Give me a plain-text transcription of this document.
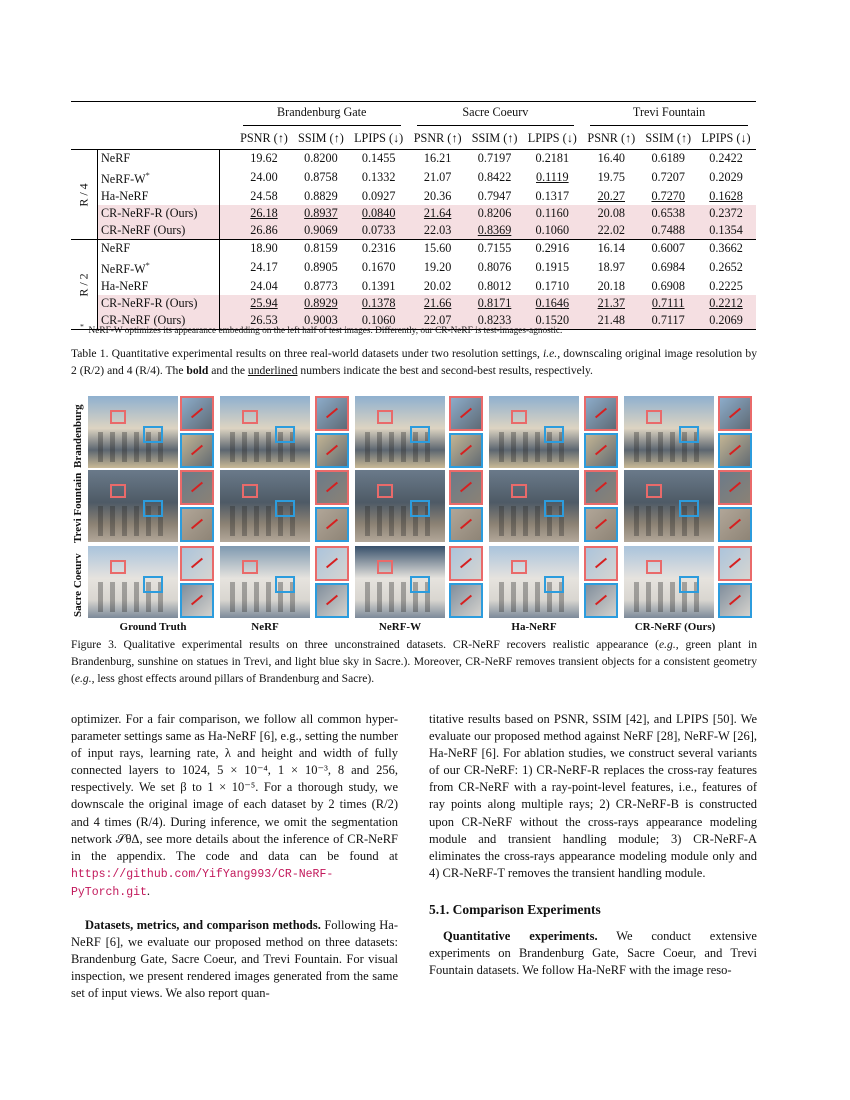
			Brandenburg Gate			Sacre Coeurv			Trevi Fountain		

			PSNR (↑)	SSIM (↑)	LPIPS (↓)	PSNR (↑)	SSIM (↑)	LPIPS (↓)	PSNR (↑)	SSIM (↑)	LPIPS (↓)

R / 4	NeRF		19.62	0.8200	0.1455	16.21	0.7197	0.2181	16.40	0.6189	0.2422
	NeRF-W*		24.00	0.8758	0.1332	21.07	0.8422	0.1119	19.75	0.7207	0.2029
	Ha-NeRF		24.58	0.8829	0.0927	20.36	0.7947	0.1317	20.27	0.7270	0.1628
	CR-NeRF-R (Ours)		26.18	0.8937	0.0840	21.64	0.8206	0.1160	20.08	0.6538	0.2372
	CR-NeRF (Ours)		26.86	0.9069	0.0733	22.03	0.8369	0.1060	22.02	0.7488	0.1354

R / 2	NeRF		18.90	0.8159	0.2316	15.60	0.7155	0.2916	16.14	0.6007	0.3662
	NeRF-W*		24.17	0.8905	0.1670	19.20	0.8076	0.1915	18.97	0.6984	0.2652
	Ha-NeRF		24.04	0.8773	0.1391	20.02	0.8012	0.1710	20.18	0.6908	0.2225
	CR-NeRF-R (Ours)		25.94	0.8929	0.1378	21.66	0.8171	0.1646	21.37	0.7111	0.2212
	CR-NeRF (Ours)		26.53	0.9003	0.1060	22.07	0.8233	0.1520	21.48	0.7117	0.2069
* NeRF-W optimizes its appearance embedding on the left half of test images. Differently, our CR-NeRF is test-images-agnostic.
Table 1. Quantitative experimental results on three real-world datasets under two resolution settings, i.e., downscaling original image resolution by 2 (R/2) and 4 (R/4). The bold and the underlined numbers indicate the best and second-best results, respectively.
Brandenburg
Trevi Fountain
Sacre Coeurv
Ground Truth	NeRF	NeRF-W	Ha-NeRF	CR-NeRF (Ours)
Figure 3. Qualitative experimental results on three unconstrained datasets. CR-NeRF recovers realistic appearance (e.g., green plant in Brandenburg, sunshine on statues in Trevi, and light blue sky in Sacre.). Moreover, CR-NeRF removes transient objects for a consistent geometry (e.g., less ghost effects around pillars of Brandenburg and Sacre).

optimizer. For a fair comparison, we follow all common hyper-parameter settings same as Ha-NeRF [6], e.g., setting the number of input rays, learning rate, λ and height and width of fully connected layers to 1024, 5 × 10⁻⁴, 1 × 10⁻³, 8 and 256, respectively. We set β to 1 × 10⁻⁵. For a thorough study, we downscale the original image of each dataset by 2 times (R/2) and 4 times (R/4). During inference, we omit the segmentation network 𝒮θΔ, see more details about the inference of CR-NeRF in the appendix. The code and data can be found at https://github.com/YifYang993/CR-NeRF-PyTorch.git.

Datasets, metrics, and comparison methods. Following Ha-NeRF [6], we evaluate our proposed method on three datasets: Brandenburg Gate, Sacre Coeur, and Trevi Fountain. For visual inspection, we present rendered images generated from the same set of input views. We also report quan-

titative results based on PSNR, SSIM [42], and LPIPS [50]. We evaluate our proposed method against NeRF [28], NeRF-W [26], Ha-NeRF [6]. For ablation studies, we construct several variants of our CR-NeRF: 1) CR-NeRF-R replaces the cross-ray features from CR-NeRF with a ray-point-level features, i.e., features of ray points along multiple rays; 2) CR-NeRF-B is constructed upon CR-NeRF without the cross-rays appearance modeling module and transient handling module; 3) CR-NeRF-A eliminates the cross-rays appearance modeling module only and 4) CR-NeRF-T removes the transient handling module.

5.1. Comparison Experiments

Quantitative experiments. We conduct extensive experiments on Brandenburg Gate, Sacre Coeur, and Trevi Fountain datasets. We follow Ha-NeRF with the image reso-
